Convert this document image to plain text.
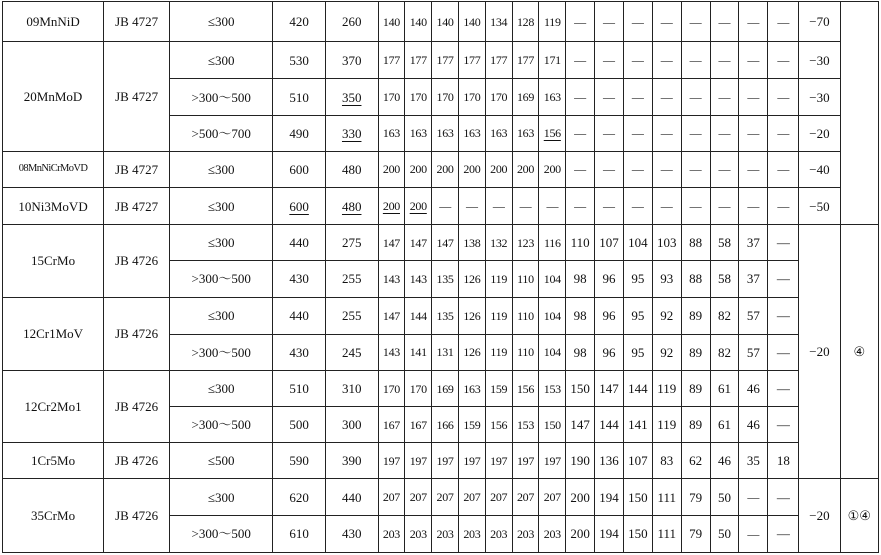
09MnNiD	JB 4727	≤300	420	260	140	140	140	140	134	128	119	—	—	—	—	—	—	—	—	−70	
20MnMoD	JB 4727	≤300	530	370	177	177	177	177	177	177	171	—	—	—	—	—	—	—	—	−30	
		>300～500	510	350	170	170	170	170	170	169	163	—	—	—	—	—	—	—	—	−30	
		>500～700	490	330	163	163	163	163	163	163	156	—	—	—	—	—	—	—	—	−20	
08MnNiCrMoVD	JB 4727	≤300	600	480	200	200	200	200	200	200	200	—	—	—	—	—	—	—	—	−40	
10Ni3MoVD	JB 4727	≤300	600	480	200	200	—	—	—	—	—	—	—	—	—	—	—	—	—	−50	
15CrMo	JB 4726	≤300	440	275	147	147	147	138	132	123	116	110	107	104	103	88	58	37	—	−20	④
		>300～500	430	255	143	143	135	126	119	110	104	98	96	95	93	88	58	37	—		
12Cr1MoV	JB 4726	≤300	440	255	147	144	135	126	119	110	104	98	96	95	92	89	82	57	—		
		>300～500	430	245	143	141	131	126	119	110	104	98	96	95	92	89	82	57	—		
12Cr2Mo1	JB 4726	≤300	510	310	170	170	169	163	159	156	153	150	147	144	119	89	61	46	—		
		>300～500	500	300	167	167	166	159	156	153	150	147	144	141	119	89	61	46	—		
1Cr5Mo	JB 4726	≤500	590	390	197	197	197	197	197	197	197	190	136	107	83	62	46	35	18		
35CrMo	JB 4726	≤300	620	440	207	207	207	207	207	207	207	200	194	150	111	79	50	—	—	−20	①④
		>300～500	610	430	203	203	203	203	203	203	203	200	194	150	111	79	50	—	—		
